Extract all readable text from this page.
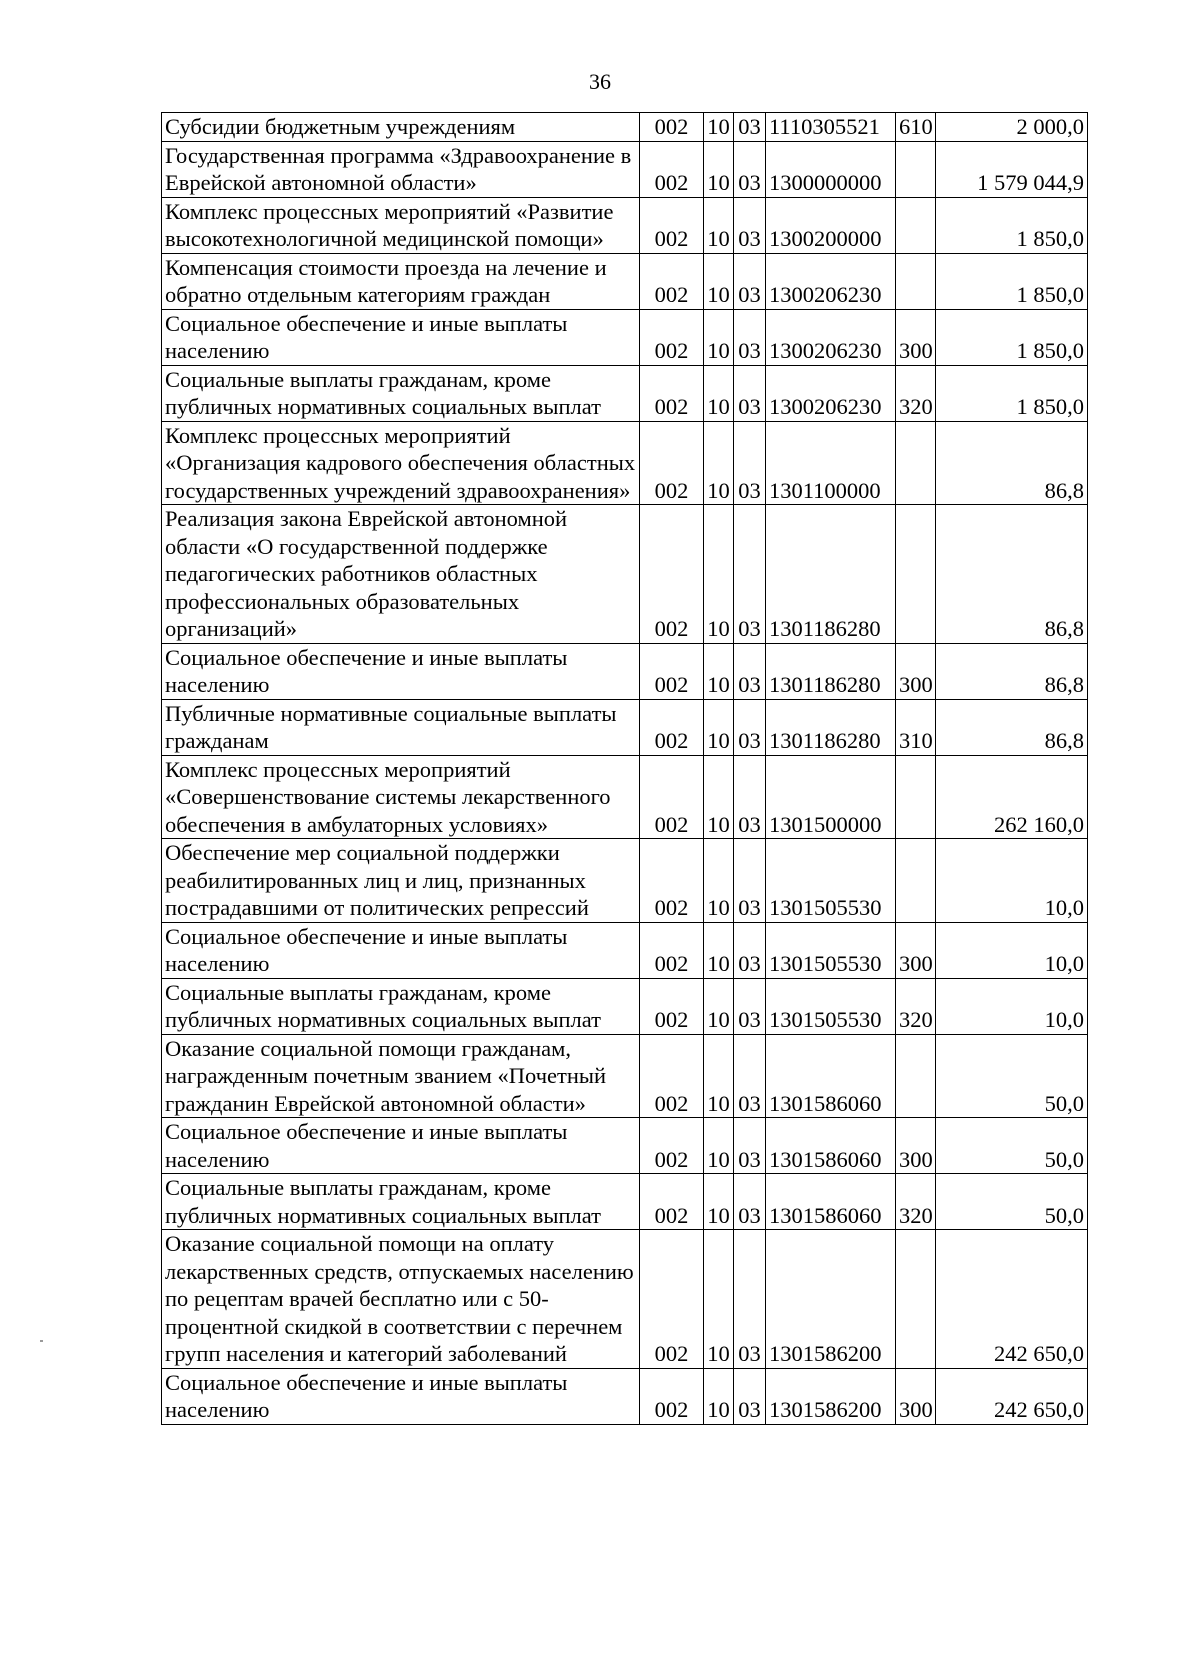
36
Субсидии бюджетным учреждениям	002	10	03	1110305521	610	2 000,0
Государственная программа «Здравоохранение в Еврейской автономной области»	002	10	03	1300000000		1 579 044,9
Комплекс процессных мероприятий «Развитие высокотехнологичной медицинской помощи»	002	10	03	1300200000		1 850,0
Компенсация стоимости проезда на лечение и обратно отдельным категориям граждан	002	10	03	1300206230		1 850,0
Социальное обеспечение и иные выплаты населению	002	10	03	1300206230	300	1 850,0
Социальные выплаты гражданам, кроме публичных нормативных социальных выплат	002	10	03	1300206230	320	1 850,0
Комплекс процессных мероприятий «Организация кадрового обеспечения областных государственных учреждений здравоохранения»	002	10	03	1301100000		86,8
Реализация закона Еврейской автономной области «О государственной поддержке педагогических работников областных профессиональных образовательных организаций»	002	10	03	1301186280		86,8
Социальное обеспечение и иные выплаты населению	002	10	03	1301186280	300	86,8
Публичные нормативные социальные выплаты гражданам	002	10	03	1301186280	310	86,8
Комплекс процессных мероприятий «Совершенствование системы лекарственного обеспечения в амбулаторных условиях»	002	10	03	1301500000		262 160,0
Обеспечение мер социальной поддержки реабилитированных лиц и лиц, признанных пострадавшими от политических репрессий	002	10	03	1301505530		10,0
Социальное обеспечение и иные выплаты населению	002	10	03	1301505530	300	10,0
Социальные выплаты гражданам, кроме публичных нормативных социальных выплат	002	10	03	1301505530	320	10,0
Оказание социальной помощи гражданам, награжденным почетным званием «Почетный гражданин Еврейской автономной области»	002	10	03	1301586060		50,0
Социальное обеспечение и иные выплаты населению	002	10	03	1301586060	300	50,0
Социальные выплаты гражданам, кроме публичных нормативных социальных выплат	002	10	03	1301586060	320	50,0
Оказание социальной помощи на оплату лекарственных средств, отпускаемых населению по рецептам врачей бесплатно или с 50-процентной скидкой в соответствии с перечнем групп населения и категорий заболеваний	002	10	03	1301586200		242 650,0
Социальное обеспечение и иные выплаты населению	002	10	03	1301586200	300	242 650,0
